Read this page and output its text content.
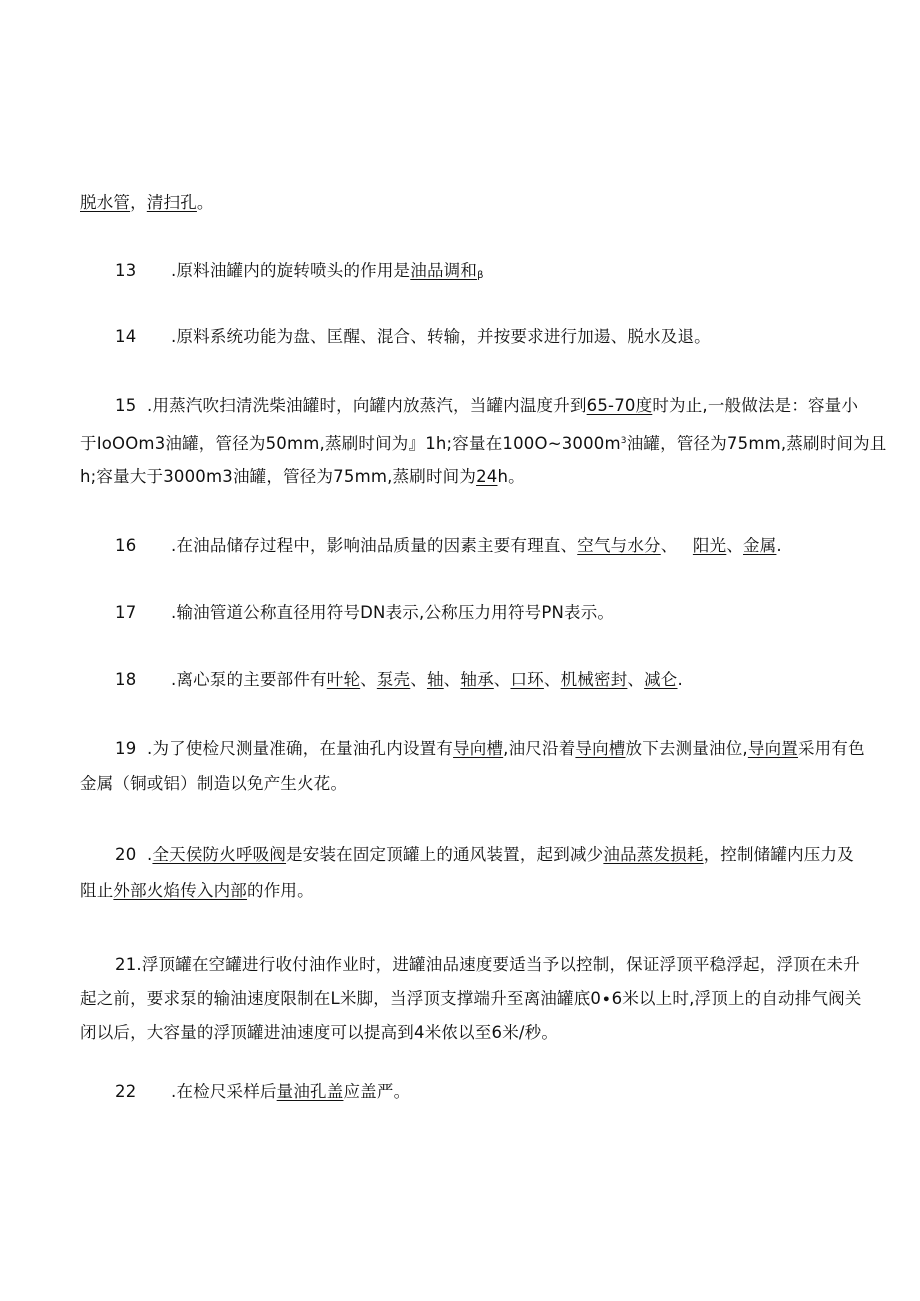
脱水管，清扫孔。
13 .原料油罐内的旋转喷头的作用是油品调和$_\beta$
14 .原料系统功能为盘、匡醒、混合、转输，并按要求进行加逿、脱水及退。
15 .用蒸汽吹扫清洗柴油罐时，向罐内放蒸汽，当罐内温度升到65-70度时为止,一般做法是：容量小
于IoOOm3油罐，管径为50mm,蒸刷时间为』1h;容量在$100O\sim 3000m^3$油罐，管径为75mm,蒸刷时间为且
h;容量大于3000m3油罐，管径为75mm,蒸刷时间为24h。
16 .在油品储存过程中，影响油品质量的因素主要有理直、空气与水分、 阳光、金属.
17 .输油管道公称直径用符号DN表示,公称压力用符号PN表示。
18 .离心泵的主要部件有叶轮、泵壳、轴、轴承、口环、机械密封、减仑.
19 .为了使检尺测量准确，在量油孔内设置有导向槽,油尺沿着导向槽放下去测量油位,导向置采用有色
金属（铜或铝）制造以免产生火花。
20 .全天侯防火呼吸阀是安装在固定顶罐上的通风装置，起到减少油品蒸发损耗，控制储罐内压力及
阻止外部火焰传入内部的作用。
21.浮顶罐在空罐进行收付油作业时，进罐油品速度要适当予以控制，保证浮顶平稳浮起，浮顶在未升
起之前，要求泵的输油速度限制在L米脚，当浮顶支撑端升至离油罐底0∙6米以上时,浮顶上的自动排气阀关
闭以后，大容量的浮顶罐进油速度可以提高到4米侬以至6米/秒。
22 .在检尺采样后量油孔盖应盖严。
